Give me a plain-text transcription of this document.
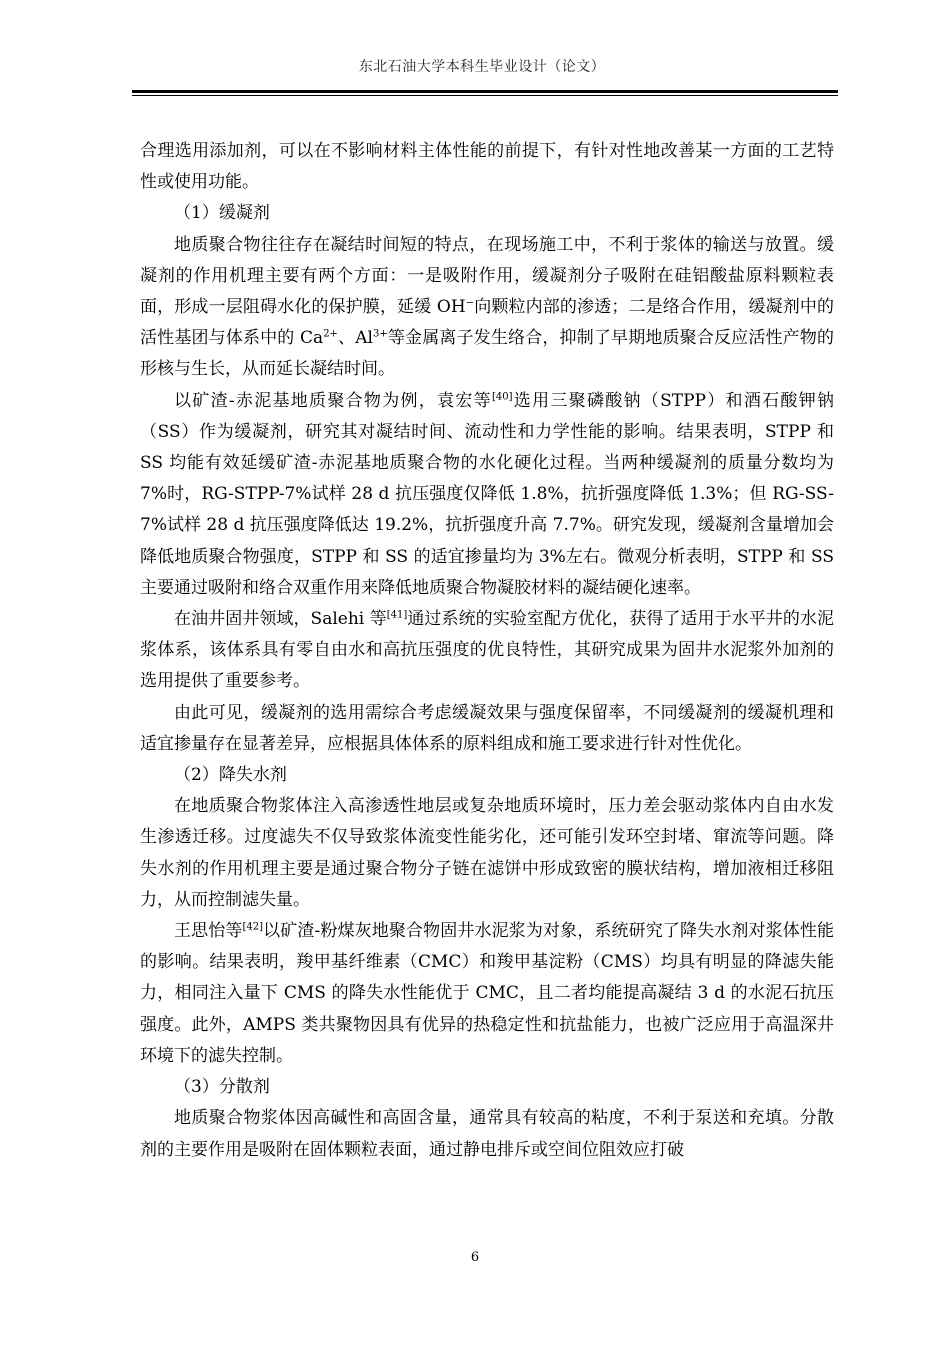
东北石油大学本科生毕业设计（论文）

合理选用添加剂，可以在不影响材料主体性能的前提下，有针对性地改善某一方面的工艺特性或使用功能。

（1）缓凝剂

地质聚合物往往存在凝结时间短的特点，在现场施工中，不利于浆体的输送与放置。缓凝剂的作用机理主要有两个方面：一是吸附作用，缓凝剂分子吸附在硅铝酸盐原料颗粒表面，形成一层阻碍水化的保护膜，延缓 OH−向颗粒内部的渗透；二是络合作用，缓凝剂中的活性基团与体系中的 $Ca^{2+}$、$Al^{3+}$等金属离子发生络合，抑制了早期地质聚合反应活性产物的形核与生长，从而延长凝结时间。

以矿渣-赤泥基地质聚合物为例，袁宏等[40]选用三聚磷酸钠（STPP）和酒石酸钾钠（SS）作为缓凝剂，研究其对凝结时间、流动性和力学性能的影响。结果表明，STPP 和 SS 均能有效延缓矿渣-赤泥基地质聚合物的水化硬化过程。当两种缓凝剂的质量分数均为 7%时，RG-STPP-7%试样 28 d 抗压强度仅降低 1.8%，抗折强度降低 1.3%；但 RG-SS-7%试样 28 d 抗压强度降低达 19.2%，抗折强度升高 7.7%。研究发现，缓凝剂含量增加会降低地质聚合物强度，STPP 和 SS 的适宜掺量均为 3%左右。微观分析表明，STPP 和 SS 主要通过吸附和络合双重作用来降低地质聚合物凝胶材料的凝结硬化速率。

在油井固井领域，Salehi 等[41]通过系统的实验室配方优化，获得了适用于水平井的水泥浆体系，该体系具有零自由水和高抗压强度的优良特性，其研究成果为固井水泥浆外加剂的选用提供了重要参考。

由此可见，缓凝剂的选用需综合考虑缓凝效果与强度保留率，不同缓凝剂的缓凝机理和适宜掺量存在显著差异，应根据具体体系的原料组成和施工要求进行针对性优化。

（2）降失水剂

在地质聚合物浆体注入高渗透性地层或复杂地质环境时，压力差会驱动浆体内自由水发生渗透迁移。过度滤失不仅导致浆体流变性能劣化，还可能引发环空封堵、窜流等问题。降失水剂的作用机理主要是通过聚合物分子链在滤饼中形成致密的膜状结构，增加液相迁移阻力，从而控制滤失量。

王思怡等[42]以矿渣-粉煤灰地聚合物固井水泥浆为对象，系统研究了降失水剂对浆体性能的影响。结果表明，羧甲基纤维素（CMC）和羧甲基淀粉（CMS）均具有明显的降滤失能力，相同注入量下 CMS 的降失水性能优于 CMC，且二者均能提高凝结 3 d 的水泥石抗压强度。此外，AMPS 类共聚物因具有优异的热稳定性和抗盐能力，也被广泛应用于高温深井环境下的滤失控制。

（3）分散剂

地质聚合物浆体因高碱性和高固含量，通常具有较高的粘度，不利于泵送和充填。分散剂的主要作用是吸附在固体颗粒表面，通过静电排斥或空间位阻效应打破

6
